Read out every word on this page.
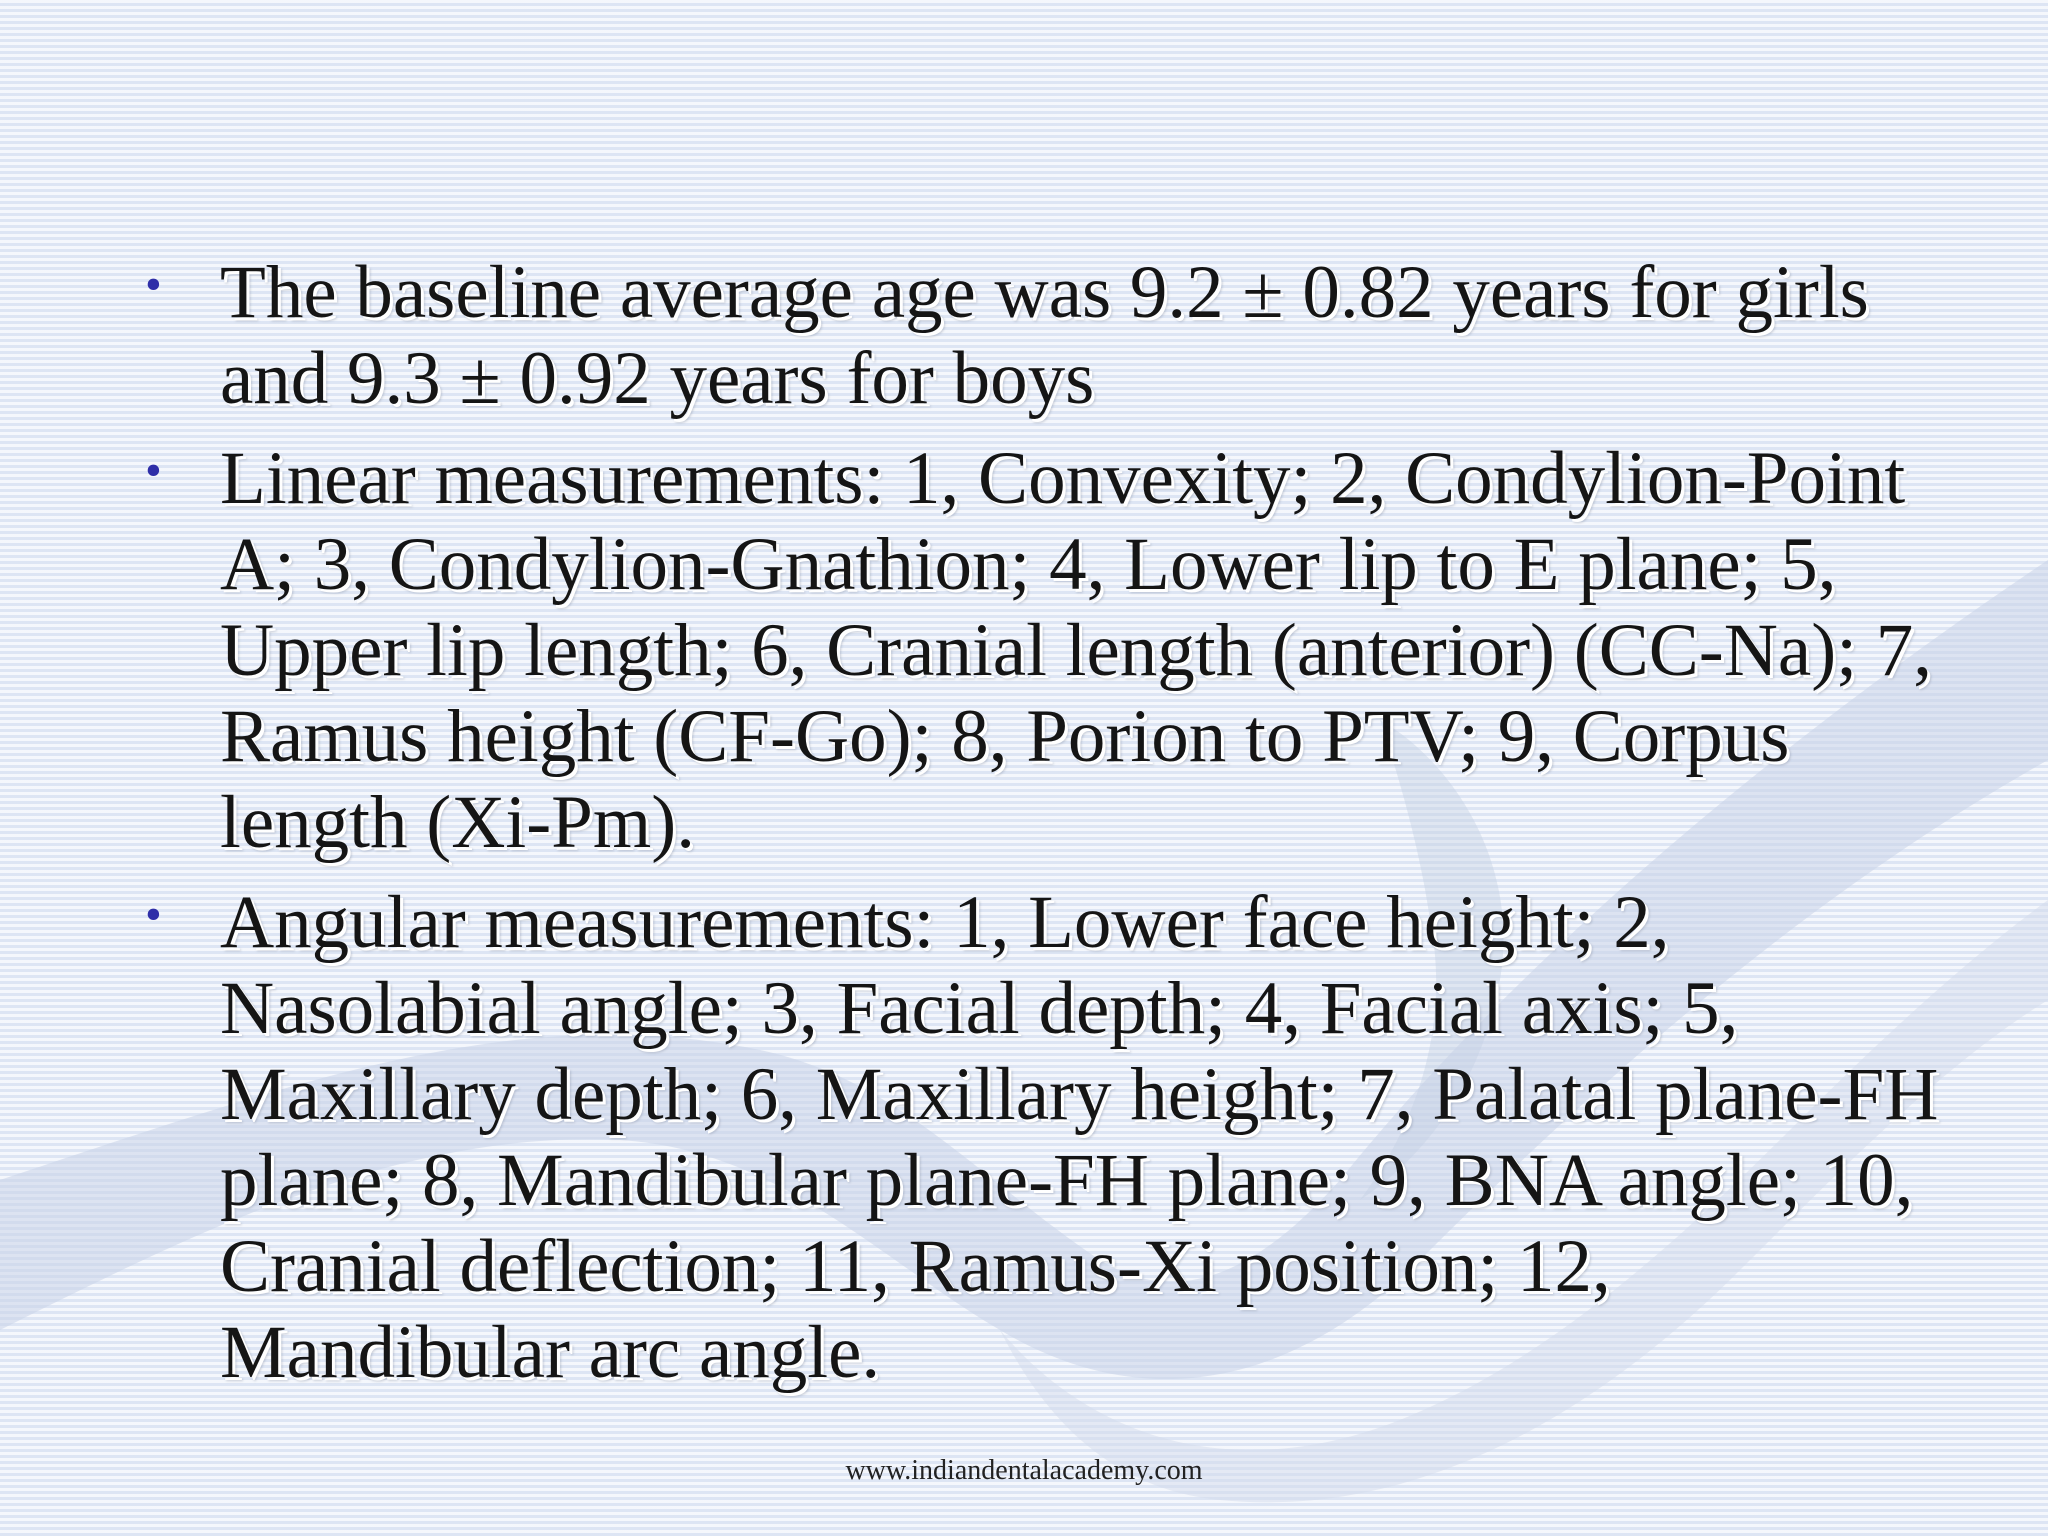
• The baseline average age was 9.2 ± 0.82 years for girls and 9.3 ± 0.92 years for boys
• Linear measurements: 1, Convexity; 2, Condylion-Point A; 3, Condylion-Gnathion; 4, Lower lip to E plane; 5, Upper lip length; 6, Cranial length (anterior) (CC-Na); 7, Ramus height (CF-Go); 8, Porion to PTV; 9, Corpus length (Xi-Pm).
• Angular measurements: 1, Lower face height; 2, Nasolabial angle; 3, Facial depth; 4, Facial axis; 5, Maxillary depth; 6, Maxillary height; 7, Palatal plane-FH plane; 8, Mandibular plane-FH plane; 9, BNA angle; 10, Cranial deflection; 11, Ramus-Xi position; 12, Mandibular arc angle.
www.indiandentalacademy.com
